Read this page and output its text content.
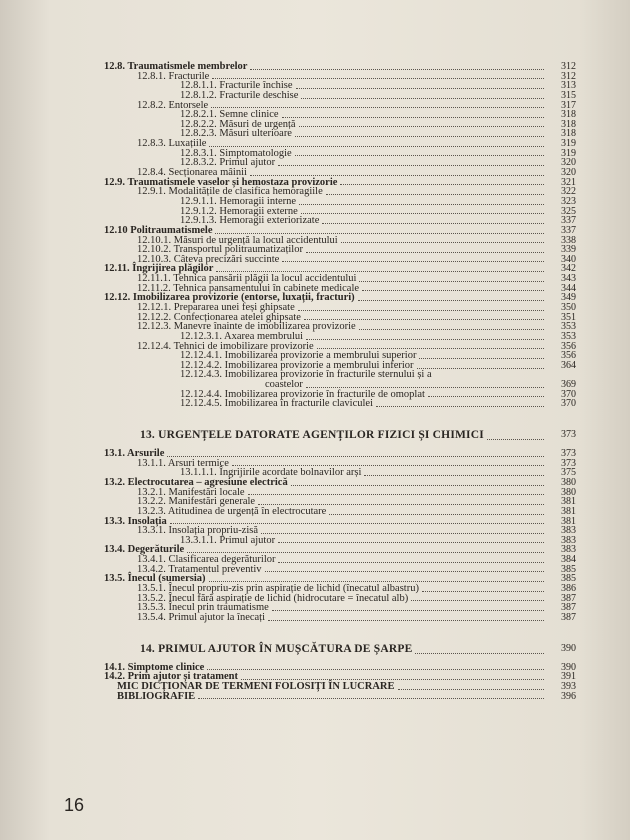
12.8. Traumatismele membrelor	312
12.8.1. Fracturile	312
12.8.1.1. Fracturile închise	313
12.8.1.2. Fracturile deschise	315
12.8.2. Entorsele	317
12.8.2.1. Semne clinice	318
12.8.2.2. Măsuri de urgență	318
12.8.2.3. Măsuri ulterioare	318
12.8.3. Luxațiile	319
12.8.3.1. Simptomatologie	319
12.8.3.2. Primul ajutor	320
12.8.4. Secționarea mâinii	320
12.9. Traumatismele vaselor și hemostaza provizorie	321
12.9.1. Modalitățile de clasifica hemoragiile	322
12.9.1.1. Hemoragii interne	323
12.9.1.2. Hemoragii externe	325
12.9.1.3. Hemoragii exteriorizate	337
12.10 Politraumatismele	337
12.10.1. Măsuri de urgență la locul accidentului	338
12.10.2. Transportul politraumatizaților	339
12.10.3. Câteva precizări succinte	340
12.11. Îngrijirea plăgilor	342
12.11.1. Tehnica pansării plăgii la locul accidentului	343
12.11.2. Tehnica pansamentului în cabinete medicale	344
12.12. Imobilizarea provizorie (entorse, luxații, fracturi)	349
12.12.1. Prepararea unei feși ghipsate	350
12.12.2. Confecționarea atelei ghipsate	351
12.12.3. Manevre înainte de imobilizarea provizorie	353
12.12.3.1. Axarea membrului	353
12.12.4. Tehnici de imobilizare provizorie	356
12.12.4.1. Imobilizarea provizorie a membrului superior	356
12.12.4.2. Imobilizarea provizorie a membrului inferior	364
12.12.4.3. Imobilizarea provizorie în fracturile sternului și a
coastelor	369
12.12.4.4. Imobilizarea provizorie în fracturile de omoplat	370
12.12.4.5. Imobilizarea în fracturile claviculei	370
13. URGENȚELE DATORATE AGENȚILOR FIZICI ȘI CHIMICI	373
13.1. Arsurile	373
13.1.1. Arsuri termice	373
13.1.1.1. Îngrijirile acordate bolnavilor arși	375
13.2. Electrocutarea – agresiune electrică	380
13.2.1. Manifestări locale	380
13.2.2. Manifestări generale	381
13.2.3. Atitudinea de urgență în electrocutare	381
13.3. Insolația	381
13.3.1. Insolația propriu-zisă	383
13.3.1.1. Primul ajutor	383
13.4. Degerăturile	383
13.4.1. Clasificarea degerăturilor	384
13.4.2. Tratamentul preventiv	385
13.5. Înecul (sumersia)	385
13.5.1. Înecul propriu-zis prin aspirație de lichid (înecatul albastru)	386
13.5.2. Înecul fără aspirație de lichid (hidrocutare = înecatul alb)	387
13.5.3. Înecul prin traumatisme	387
13.5.4. Primul ajutor la înecați	387
14. PRIMUL AJUTOR ÎN MUȘCĂTURA DE ȘARPE	390
14.1. Simptome clinice	390
14.2. Prim ajutor și tratament	391
MIC DICȚIONAR DE TERMENI FOLOSIȚI ÎN LUCRARE	393
BIBLIOGRAFIE	396
16
